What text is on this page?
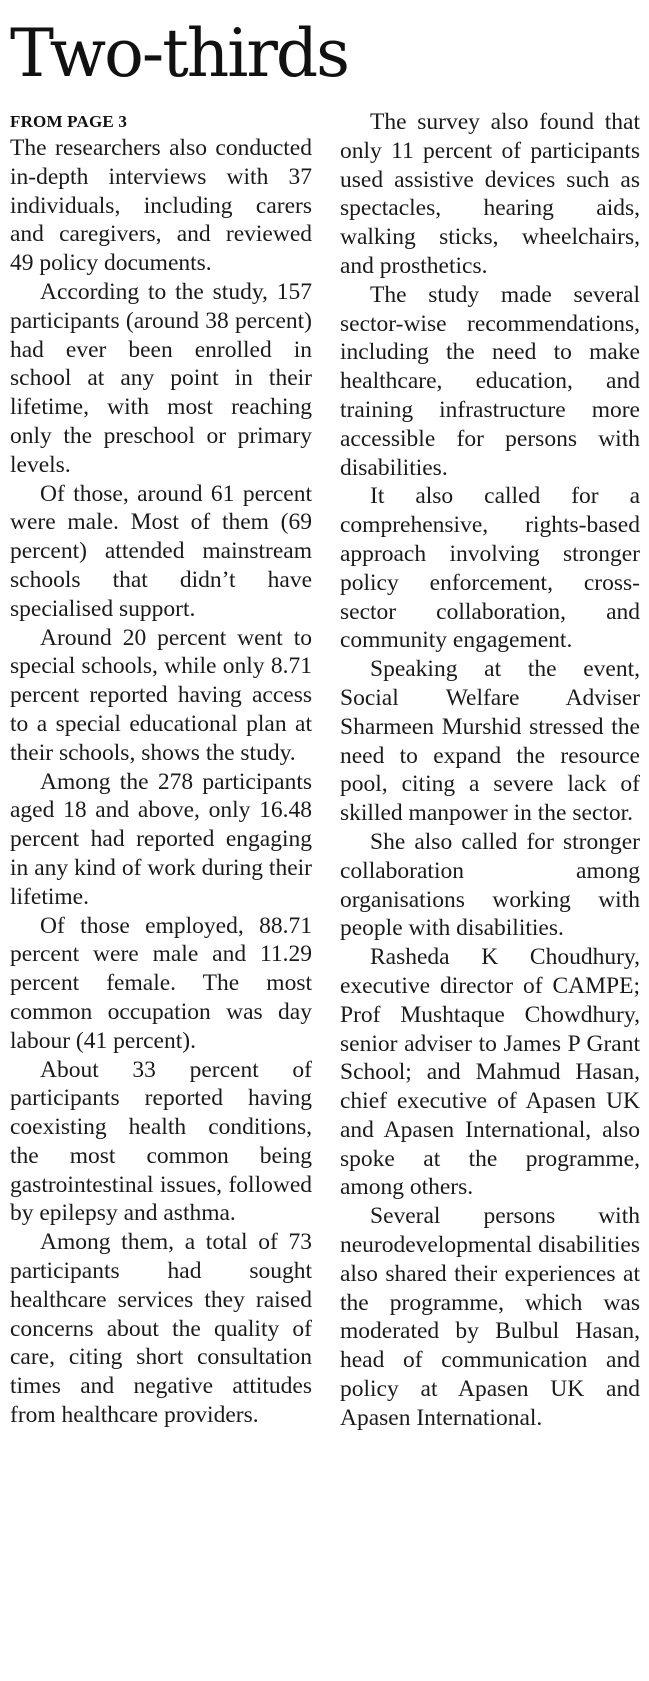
Two-thirds
FROM PAGE 3

The researchers also conducted in-depth interviews with 37 individuals, including carers and caregivers, and reviewed 49 policy documents.

According to the study, 157 participants (around 38 percent) had ever been enrolled in school at any point in their lifetime, with most reaching only the preschool or primary levels.

Of those, around 61 percent were male. Most of them (69 percent) attended mainstream schools that didn’t have specialised support.

Around 20 percent went to special schools, while only 8.71 percent reported having access to a special educational plan at their schools, shows the study.

Among the 278 participants aged 18 and above, only 16.48 percent had reported engaging in any kind of work during their lifetime.

Of those employed, 88.71 percent were male and 11.29 percent female. The most common occupation was day labour (41 percent).

About 33 percent of participants reported having coexisting health conditions, the most common being gastrointestinal issues, followed by epilepsy and asthma.

Among them, a total of 73 participants had sought healthcare services they raised concerns about the quality of care, citing short consultation times and negative attitudes from healthcare providers.

The survey also found that only 11 percent of participants used assistive devices such as spectacles, hearing aids, walking sticks, wheelchairs, and prosthetics.

The study made several sector-wise recommendations, including the need to make healthcare, education, and training infrastructure more accessible for persons with disabilities.

It also called for a comprehensive, rights-based approach involving stronger policy enforcement, cross-sector collaboration, and community engagement.

Speaking at the event, Social Welfare Adviser Sharmeen Murshid stressed the need to expand the resource pool, citing a severe lack of skilled manpower in the sector.

She also called for stronger collaboration among organisations working with people with disabilities.

Rasheda K Choudhury, executive director of CAMPE; Prof Mushtaque Chowdhury, senior adviser to James P Grant School; and Mahmud Hasan, chief executive of Apasen UK and Apasen International, also spoke at the programme, among others.

Several persons with neurodevelopmental disabilities also shared their experiences at the programme, which was moderated by Bulbul Hasan, head of communication and policy at Apasen UK and Apasen International.
